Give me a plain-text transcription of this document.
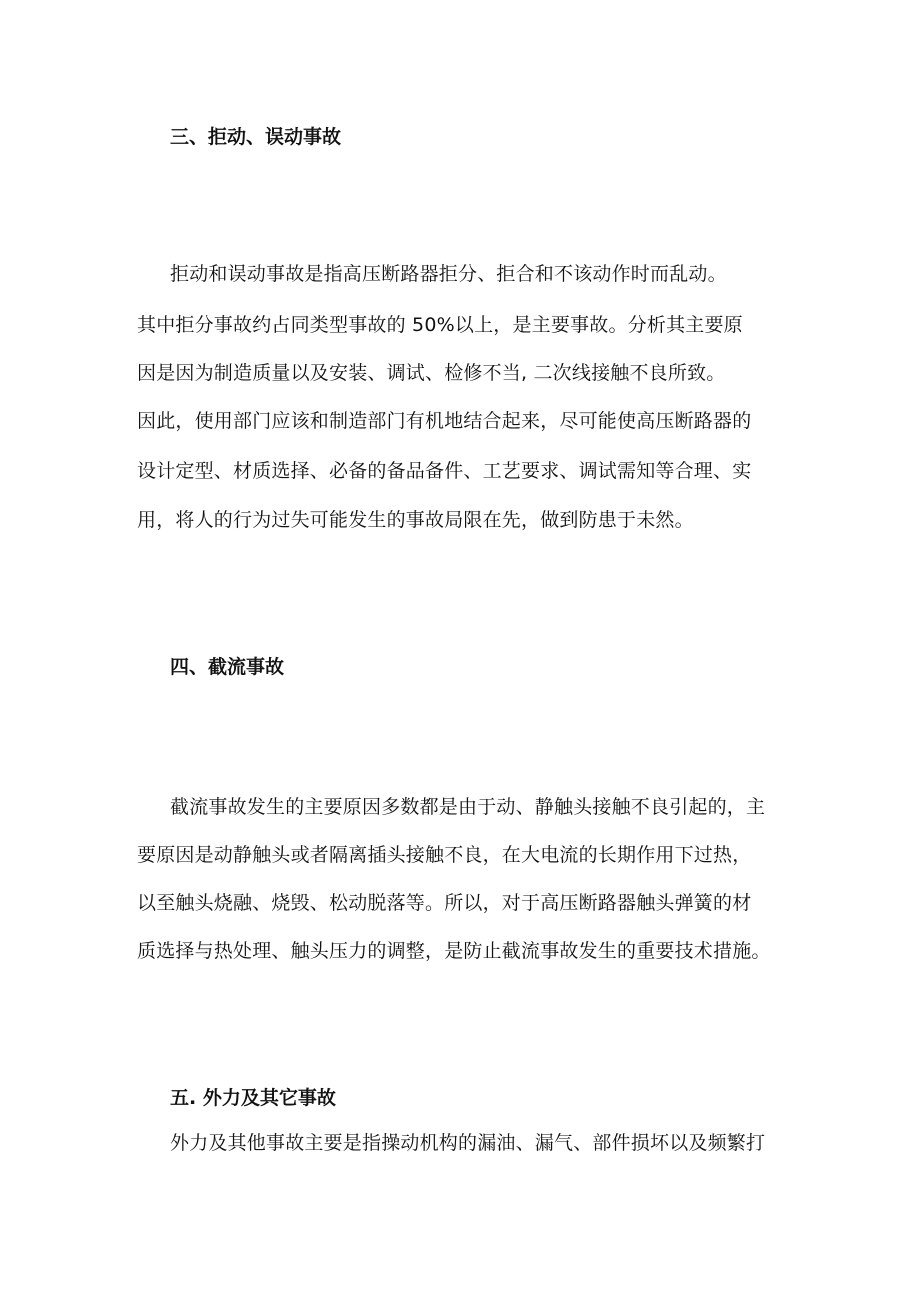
三、拒动、误动事故
拒动和误动事故是指高压断路器拒分、拒合和不该动作时而乱动。
其中拒分事故约占同类型事故的 50%以上，是主要事故。分析其主要原
因是因为制造质量以及安装、调试、检修不当, 二次线接触不良所致。
因此，使用部门应该和制造部门有机地结合起来，尽可能使高压断路器的
设计定型、材质选择、必备的备品备件、工艺要求、调试需知等合理、实
用，将人的行为过失可能发生的事故局限在先，做到防患于未然。
四、截流事故
截流事故发生的主要原因多数都是由于动、静触头接触不良引起的，主
要原因是动静触头或者隔离插头接触不良，在大电流的长期作用下过热，
以至触头烧融、烧毁、松动脱落等。所以，对于高压断路器触头弹簧的材
质选择与热处理、触头压力的调整，是防止截流事故发生的重要技术措施。
五. 外力及其它事故
外力及其他事故主要是指操动机构的漏油、漏气、部件损坏以及频繁打
